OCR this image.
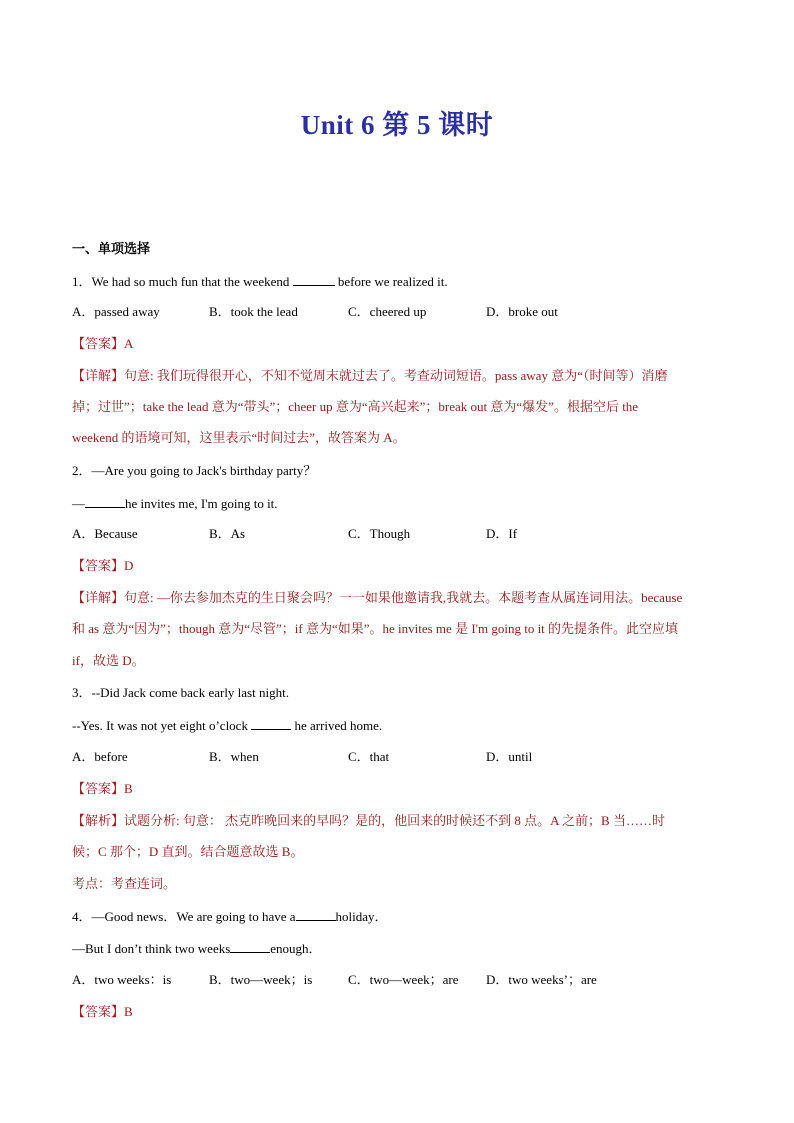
Unit 6 第 5 课时
一、单项选择
1．We had so much fun that the weekend	before we realized it.
A．passed away	B．took the lead	C．cheered up	D．broke out
【答案】A
【详解】句意: 我们玩得很开心，不知不觉周末就过去了。考查动词短语。pass away 意为“（时间等）消磨
掉；过世”；take the lead 意为“带头”；cheer up 意为“高兴起来”；break out 意为“爆发”。根据空后 the
weekend 的语境可知，这里表示“时间过去”，故答案为 A。
2．—Are you going to Jack's birthday party？
—	he invites me, I'm going to it.
A．Because	B．As	C．Though	D．If
【答案】D
【详解】句意: —你去参加杰克的生日聚会吗？一一如果他邀请我,我就去。本题考查从属连词用法。because
和 as 意为“因为”；though 意为“尽管”；if 意为“如果”。he invites me 是 I'm going to it 的先提条件。此空应填
if，故选 D。
3．--Did Jack come back early last night.
--Yes. It was not yet eight o’clock	he arrived home.
A．before	B．when	C．that	D．until
【答案】B
【解析】试题分析: 句意： 杰克昨晚回来的早吗？是的，他回来的时候还不到 8 点。A 之前；B 当……时
候；C 那个；D 直到。结合题意故选 B。
考点：考查连词。
4．—Good news．We are going to have a	holiday．
—But I don’t think two weeks	enough．
A．two weeks：is	B．two—week；is	C．two—week；are D．two weeks’；are
【答案】B
